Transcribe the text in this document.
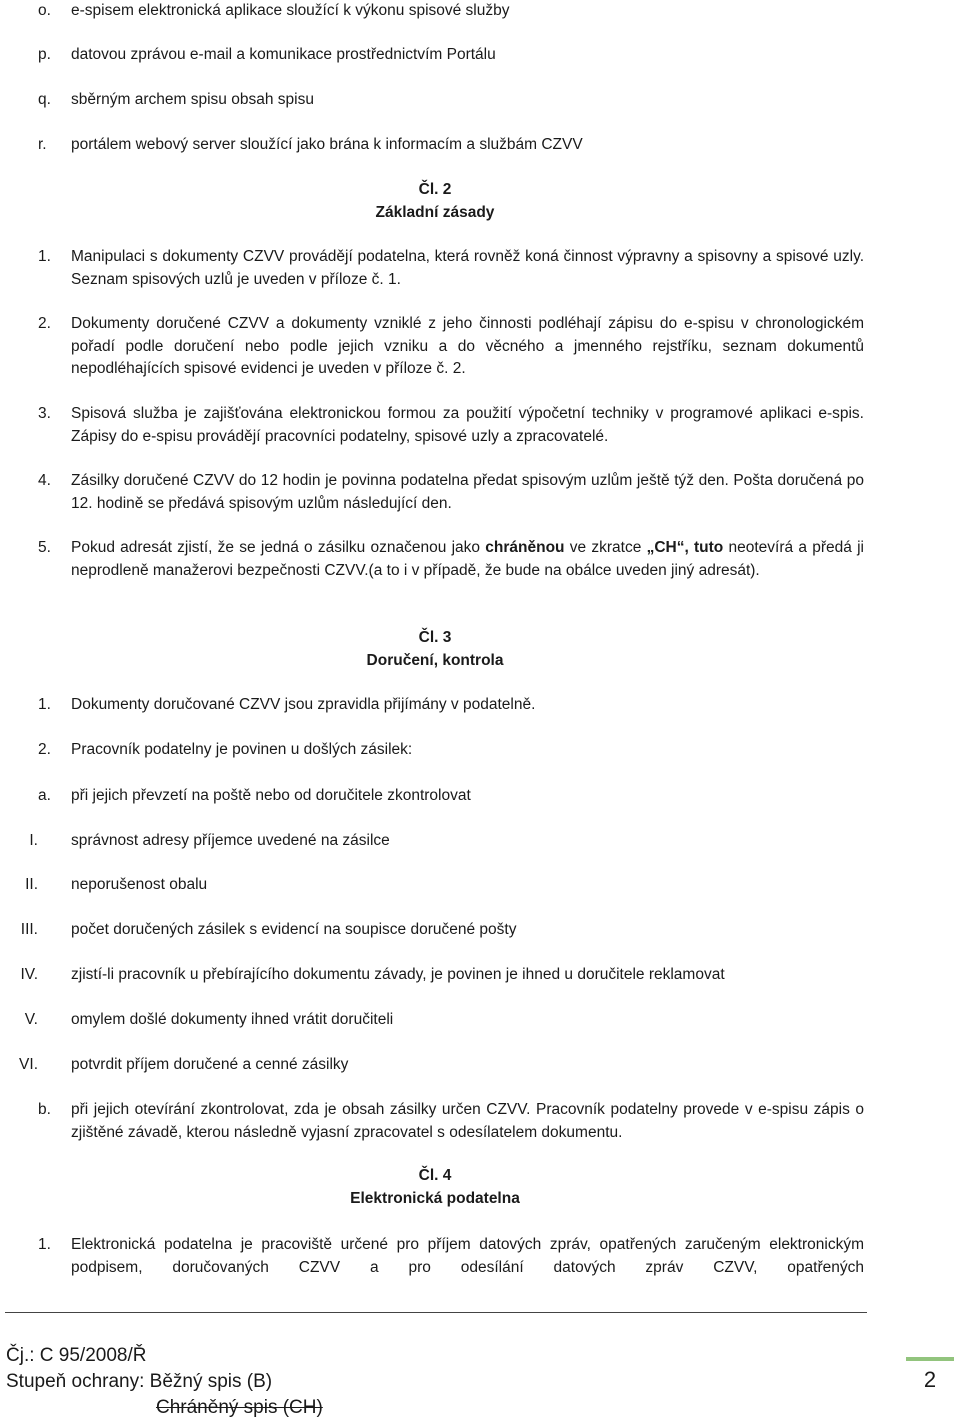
o. e-spisem elektronická aplikace sloužící k výkonu spisové služby
p. datovou zprávou e-mail a komunikace prostřednictvím Portálu
q. sběrným archem spisu obsah spisu
r. portálem webový server sloužící jako brána k informacím a službám CZVV
Čl. 2
Základní zásady
1. Manipulaci s dokumenty CZVV provádějí podatelna, která rovněž koná činnost výpravny a spisovny a spisové uzly. Seznam spisových uzlů je uveden v příloze č. 1.
2. Dokumenty doručené CZVV a dokumenty vzniklé z jeho činnosti podléhají zápisu do e-spisu v chronologickém pořadí podle doručení nebo podle jejich vzniku a do věcného a jmenného rejstříku, seznam dokumentů nepodléhajících spisové evidenci je uveden v příloze č. 2.
3. Spisová služba je zajišťována elektronickou formou za použití výpočetní techniky v programové aplikaci e-spis. Zápisy do e-spisu provádějí pracovníci podatelny, spisové uzly a zpracovatelé.
4. Zásilky doručené CZVV do 12 hodin je povinna podatelna předat spisovým uzlům ještě týž den. Pošta doručená po 12. hodině se předává spisovým uzlům následující den.
5. Pokud adresát zjistí, že se jedná o zásilku označenou jako chráněnou ve zkratce „CH“, tuto neotevírá a předá ji neprodleně manažerovi bezpečnosti CZVV.(a to i v případě, že bude na obálce uveden jiný adresát).
Čl. 3
Doručení, kontrola
1. Dokumenty doručované CZVV jsou zpravidla přijímány v podatelně.
2. Pracovník podatelny je povinen u došlých zásilek:
a. při jejich převzetí na poště nebo od doručitele zkontrolovat
I. správnost adresy příjemce uvedené na zásilce
II. neporušenost obalu
III. počet doručených zásilek s evidencí na soupisce doručené pošty
IV. zjistí-li pracovník u přebírajícího dokumentu závady, je povinen je ihned u doručitele reklamovat
V. omylem došlé dokumenty ihned vrátit doručiteli
VI. potvrdit příjem doručené a cenné zásilky
b. při jejich otevírání zkontrolovat, zda je obsah zásilky určen CZVV. Pracovník podatelny provede v e-spisu zápis o zjištěné závadě, kterou následně vyjasní zpracovatel s odesílatelem dokumentu.
Čl. 4
Elektronická podatelna
1. Elektronická podatelna je pracoviště určené pro příjem datových zpráv, opatřených zaručeným elektronickým podpisem, doručovaných CZVV a pro odesílání datových zpráv CZVV, opatřených
Čj.: C 95/2008/Ř
Stupeň ochrany: Běžný spis (B)
Chráněný spis (CH)
2
